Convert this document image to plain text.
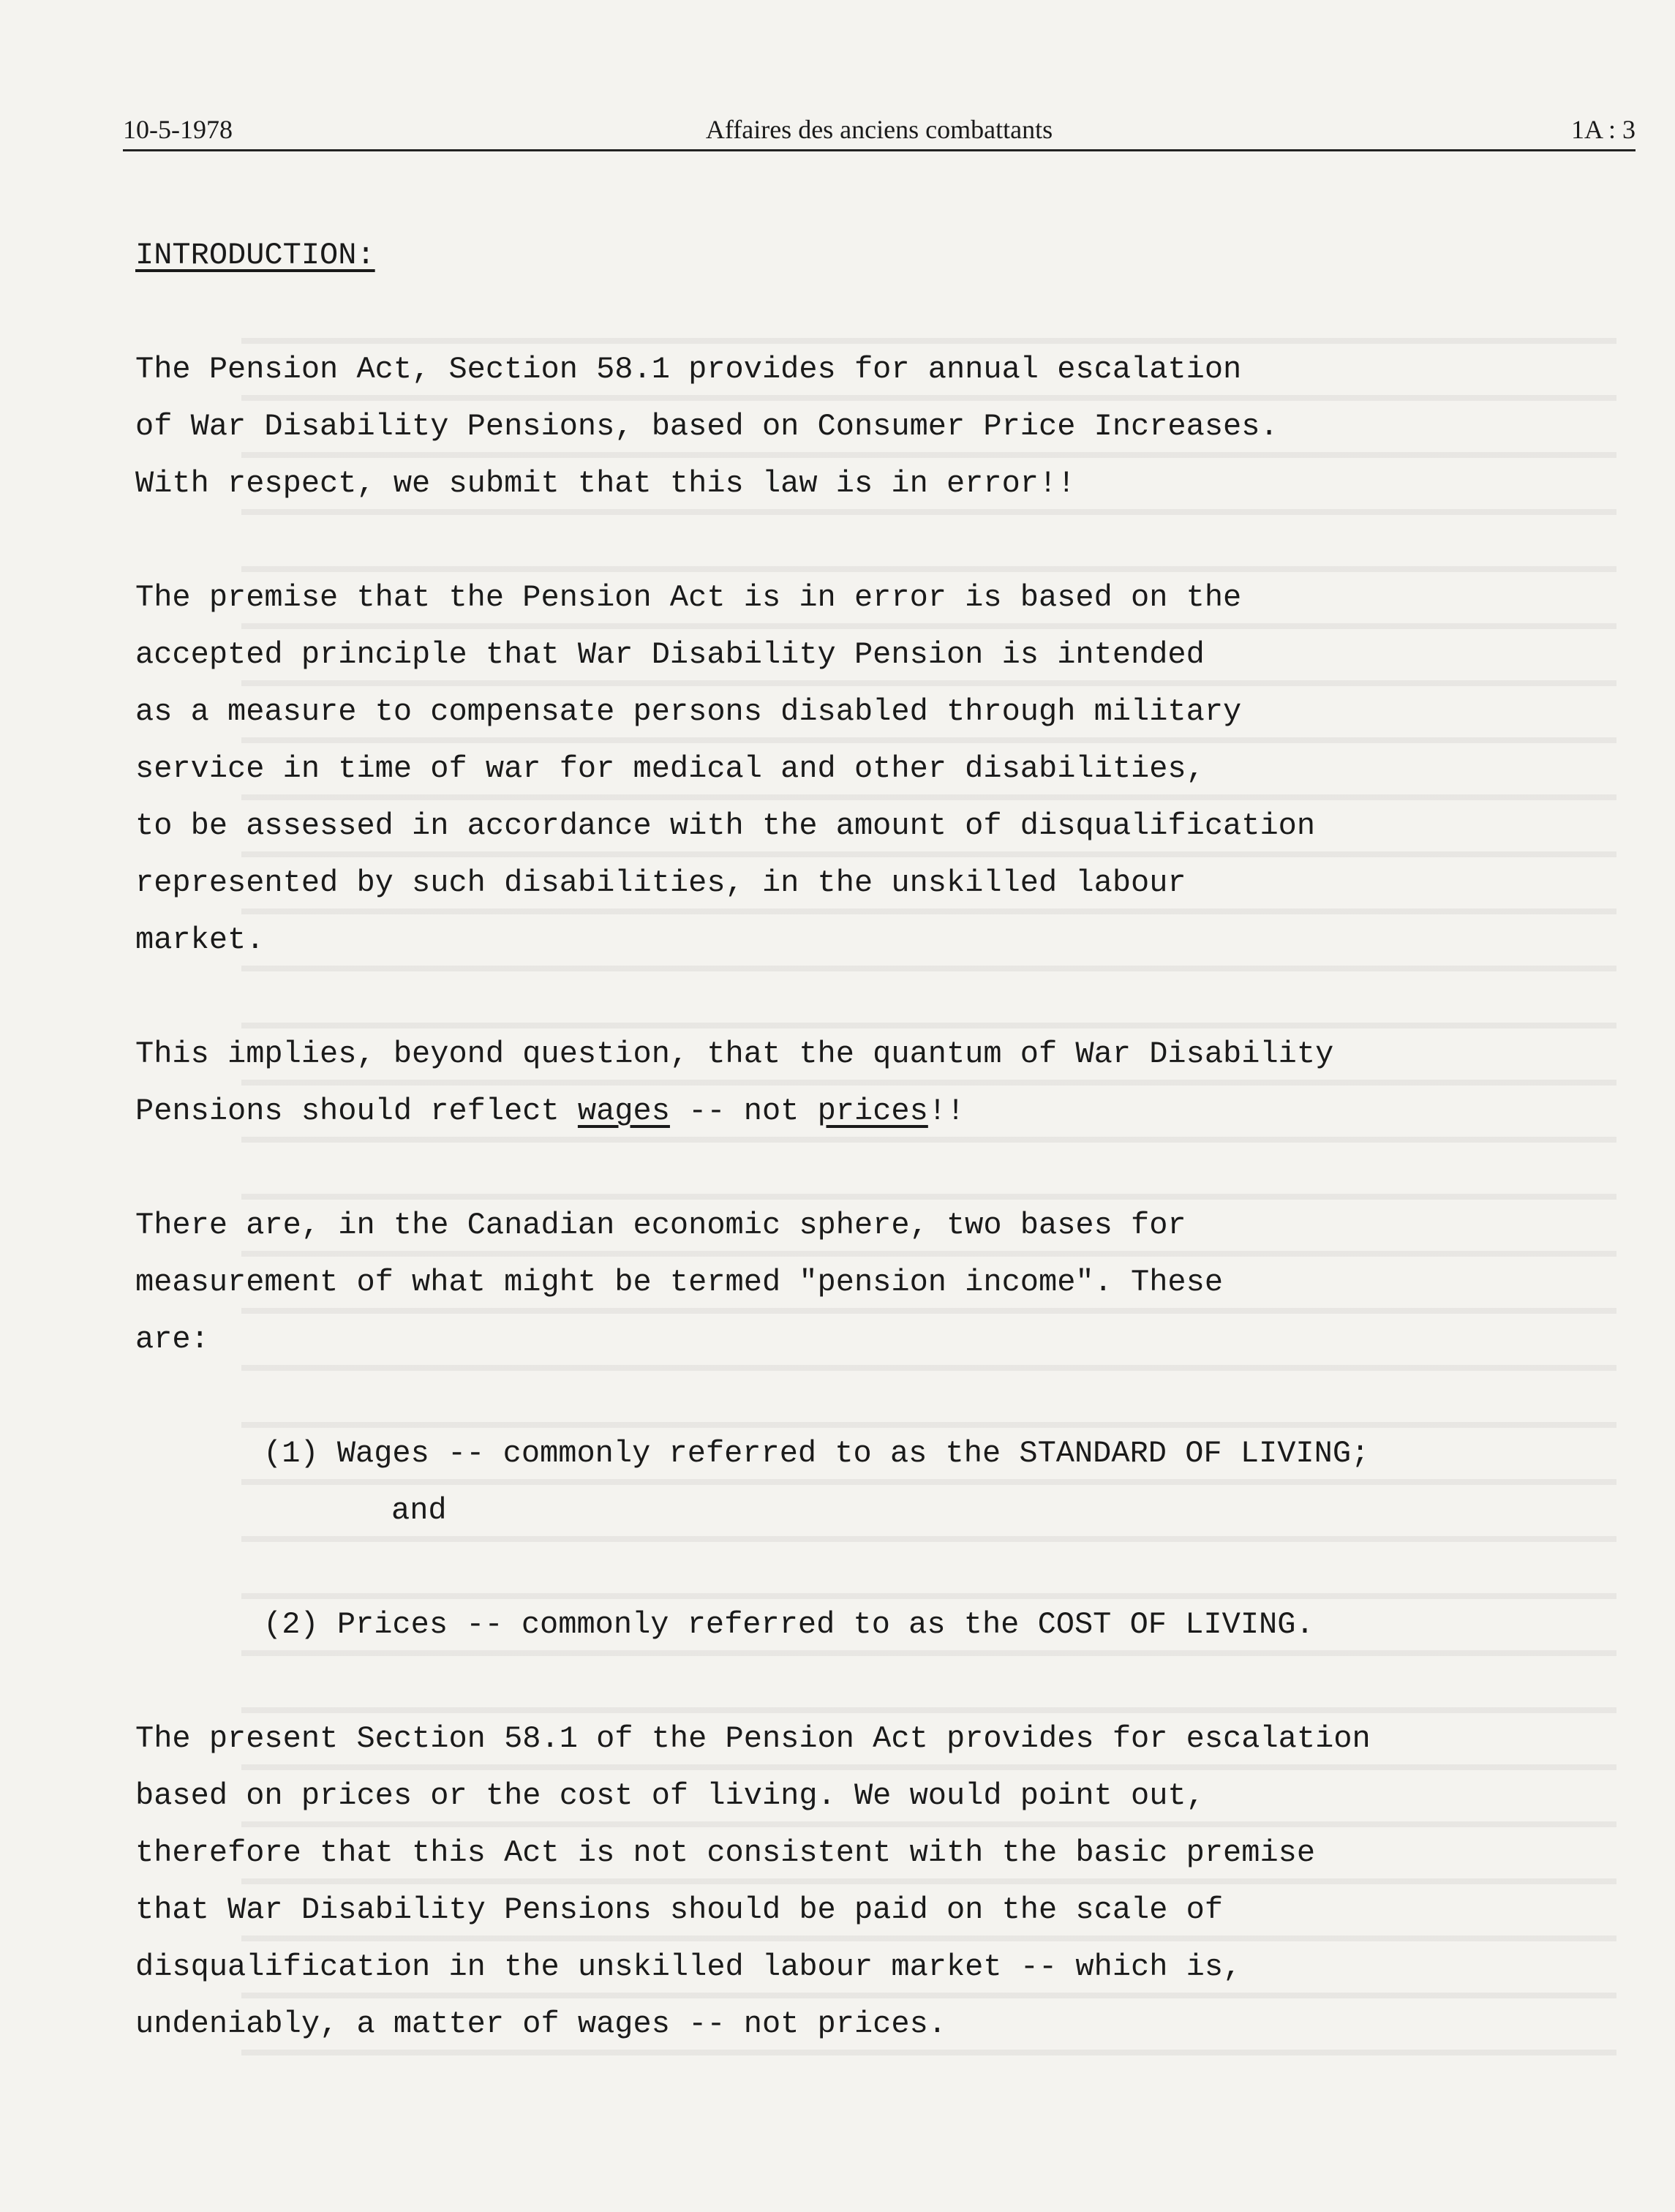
10-5-1978	Affaires des anciens combattants	1A : 3

INTRODUCTION:

The Pension Act, Section 58.1 provides for annual escalation

of War Disability Pensions, based on Consumer Price Increases.

With respect, we submit that this law is in error!!

The premise that the Pension Act is in error is based on the

accepted principle that War Disability Pension is intended

as a measure to compensate persons disabled through military

service in time of war for medical and other disabilities,

to be assessed in accordance with the amount of disqualification

represented by such disabilities, in the unskilled labour

market.

This implies, beyond question, that the quantum of War Disability

Pensions should reflect wages -- not prices!!

There are, in the Canadian economic sphere, two bases for

measurement of what might be termed "pension income". These

are:

(1) Wages -- commonly referred to as the STANDARD OF LIVING;

and

(2) Prices -- commonly referred to as the COST OF LIVING.

The present Section 58.1 of the Pension Act provides for escalation

based on prices or the cost of living. We would point out,

therefore that this Act is not consistent with the basic premise

that War Disability Pensions should be paid on the scale of

disqualification in the unskilled labour market -- which is,

undeniably, a matter of wages -- not prices.
